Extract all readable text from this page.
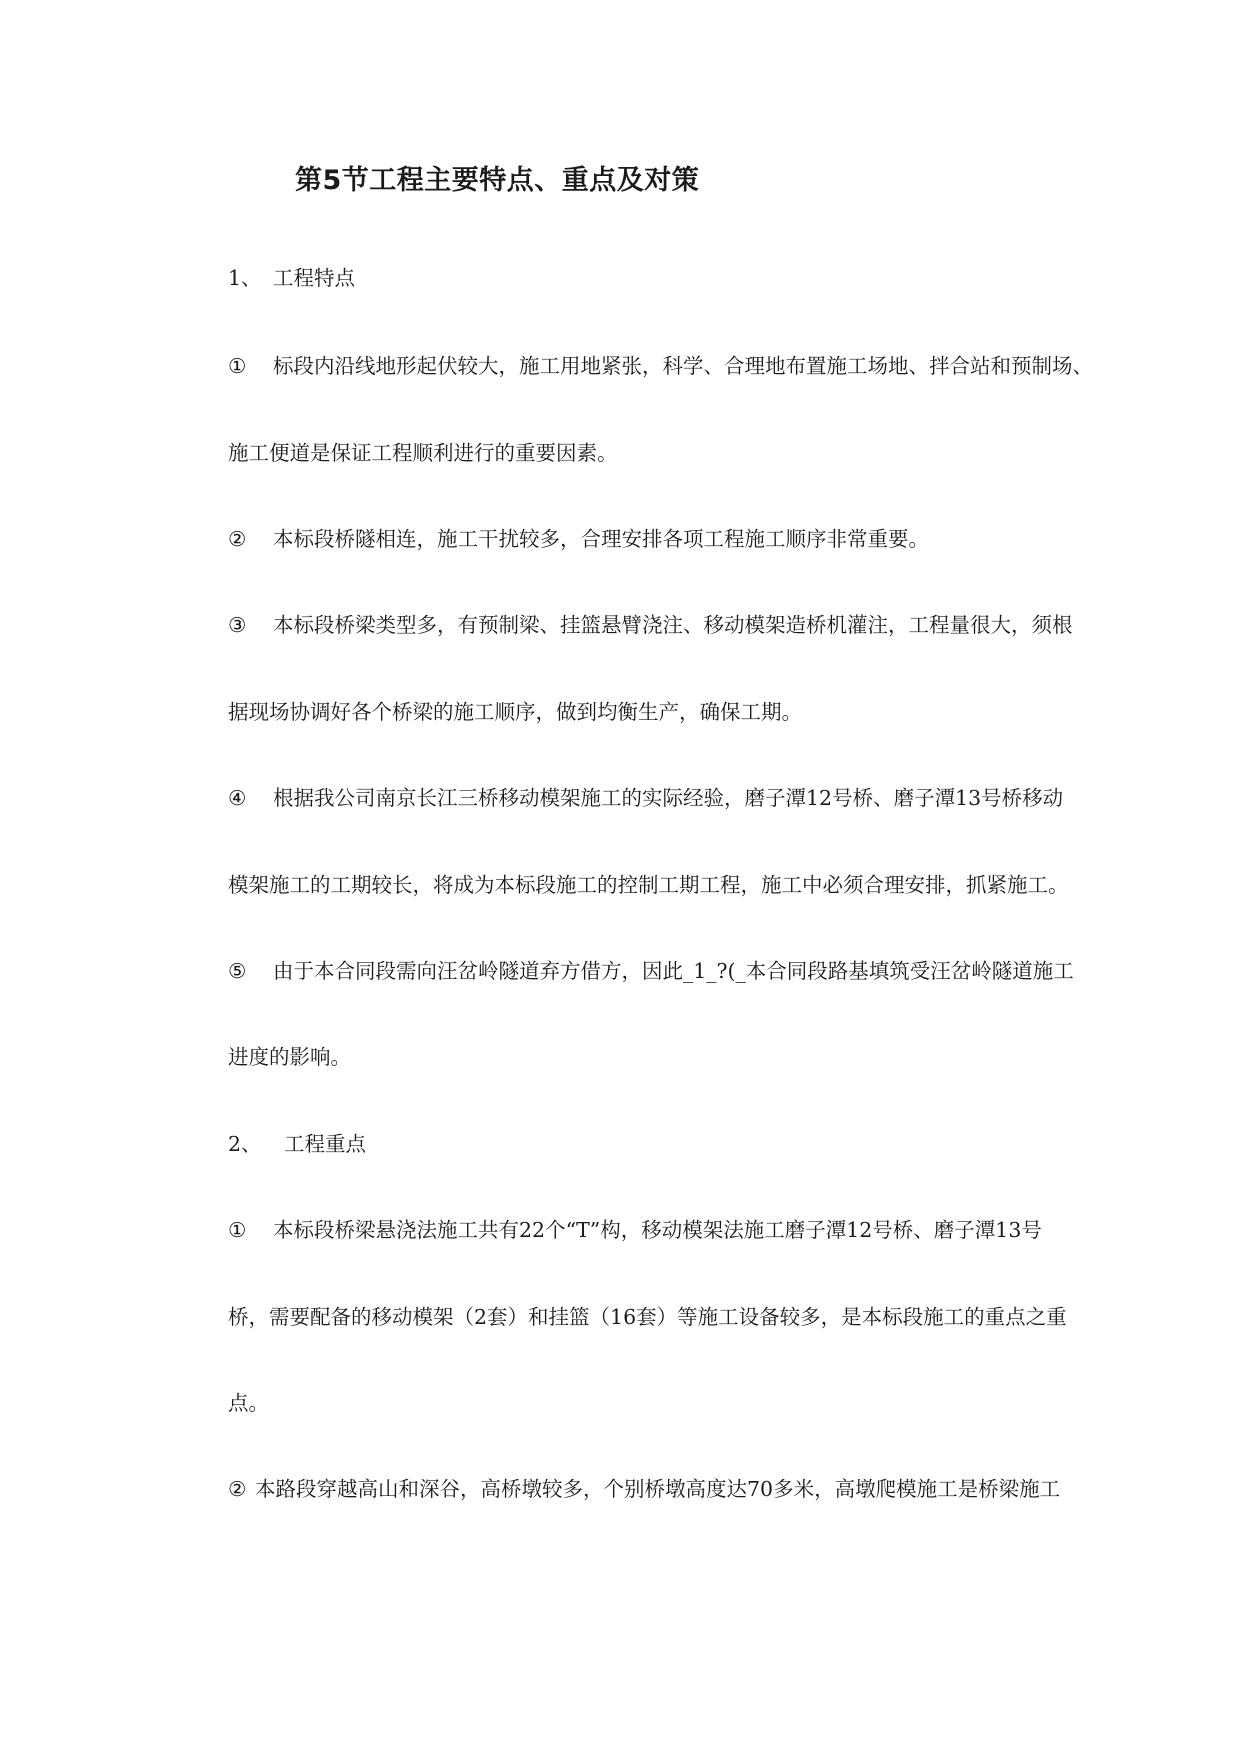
第5节工程主要特点、重点及对策
1、 工程特点
① 标段内沿线地形起伏较大，施工用地紧张，科学、合理地布置施工场地、拌合站和预制场、
施工便道是保证工程顺利进行的重要因素。
② 本标段桥隧相连，施工干扰较多，合理安排各项工程施工顺序非常重要。
③ 本标段桥梁类型多，有预制梁、挂篮悬臂浇注、移动模架造桥机灌注，工程量很大，须根
据现场协调好各个桥梁的施工顺序，做到均衡生产，确保工期。
④ 根据我公司南京长江三桥移动模架施工的实际经验，磨子潭12号桥、磨子潭13号桥移动
模架施工的工期较长，将成为本标段施工的控制工期工程，施工中必须合理安排，抓紧施工。
⑤ 由于本合同段需向汪岔岭隧道弃方借方，因此_1_?(_本合同段路基填筑受汪岔岭隧道施工
进度的影响。
2、 工程重点
① 本标段桥梁悬浇法施工共有22个“T”构，移动模架法施工磨子潭12号桥、磨子潭13号
桥，需要配备的移动模架（2套）和挂篮（16套）等施工设备较多，是本标段施工的重点之重
点。
② 本路段穿越高山和深谷，高桥墩较多，个别桥墩高度达70多米，高墩爬模施工是桥梁施工
